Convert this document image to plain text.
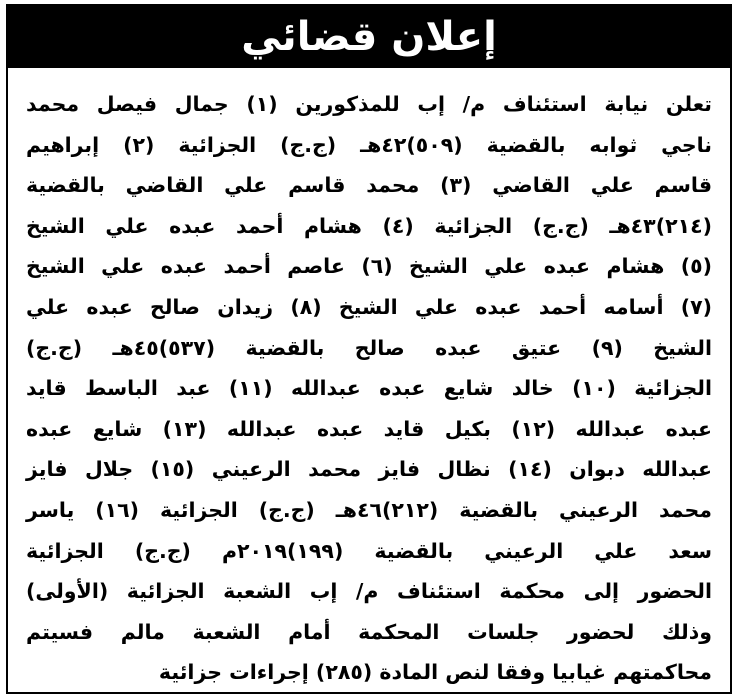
إعلان قضائي
تعلن نيابة استئناف م/ إب للمذكورين (١) جمال فيصل محمد
ناجي ثوابه بالقضية (٥٠٩)٤٢هـ (ج.ج) الجزائية (٢) إبراهيم
قاسم علي القاضي (٣) محمد قاسم علي القاضي بالقضية
(٢١٤)٤٣هـ (ج.ج) الجزائية (٤) هشام أحمد عبده علي الشيخ
(٥) هشام عبده علي الشيخ (٦) عاصم أحمد عبده علي الشيخ
(٧) أسامه أحمد عبده علي الشيخ (٨) زيدان صالح عبده علي
الشيخ (٩) عتيق عبده صالح بالقضية (٥٣٧)٤٥هـ (ج.ج)
الجزائية (١٠) خالد شايع عبده عبدالله (١١) عبد الباسط قايد
عبده عبدالله (١٢) بكيل قايد عبده عبدالله (١٣) شايع عبده
عبدالله دبوان (١٤) نظال فايز محمد الرعيني (١٥) جلال فايز
محمد الرعيني بالقضية (٢١٢)٤٦هـ (ج.ج) الجزائية (١٦) ياسر
سعد علي الرعيني بالقضية (١٩٩)٢٠١٩م (ج.ج) الجزائية
الحضور إلى محكمة استئناف م/ إب الشعبة الجزائية (الأولى)
وذلك لحضور جلسات المحكمة أمام الشعبة مالم فسيتم
محاكمتهم غيابيا وفقا لنص المادة (٢٨٥) إجراءات جزائية
